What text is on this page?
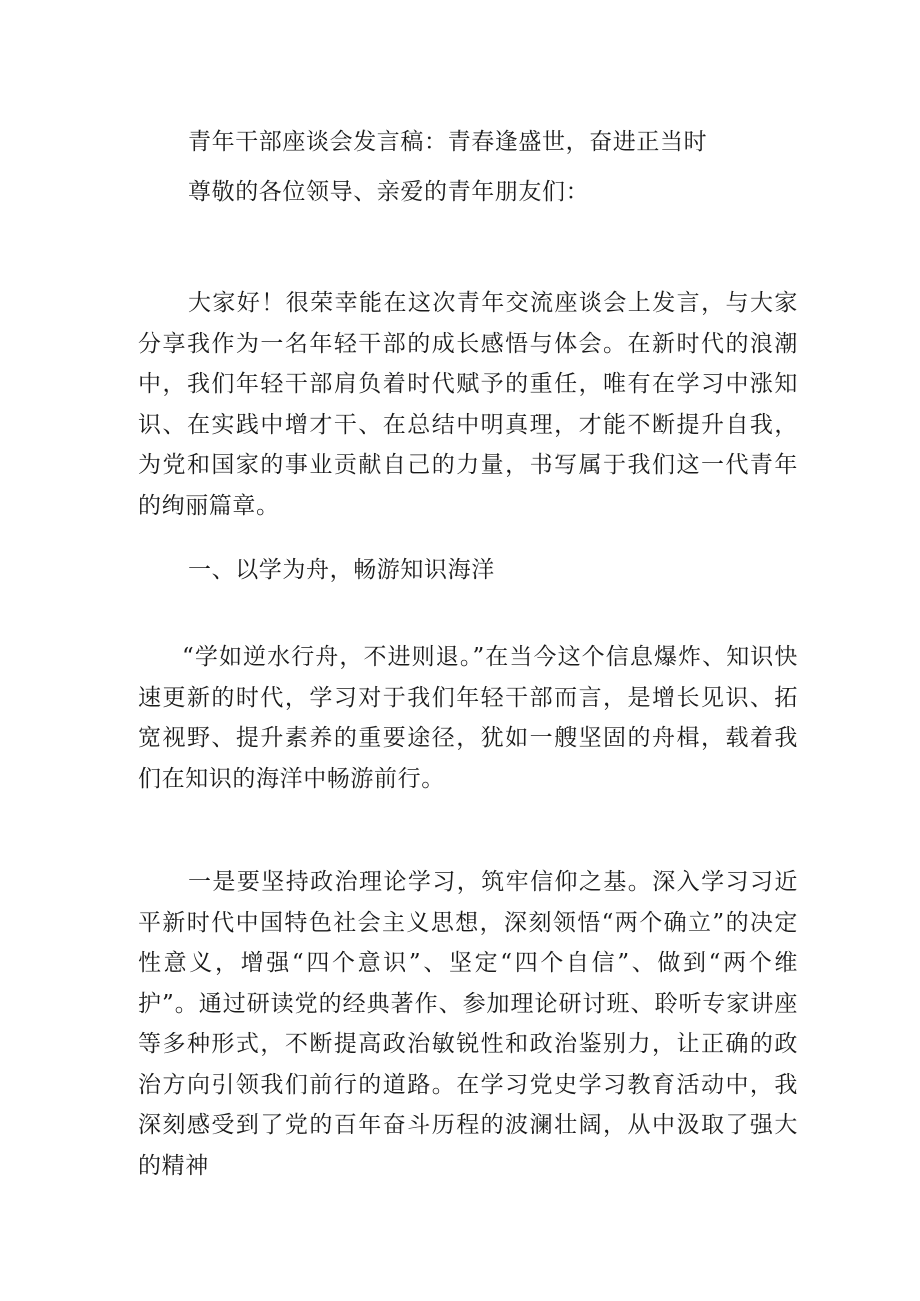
青年干部座谈会发言稿：青春逢盛世，奋进正当时
尊敬的各位领导、亲爱的青年朋友们：

大家好！很荣幸能在这次青年交流座谈会上发言，与大家分享我作为一名年轻干部的成长感悟与体会。在新时代的浪潮中，我们年轻干部肩负着时代赋予的重任，唯有在学习中涨知识、在实践中增才干、在总结中明真理，才能不断提升自我，为党和国家的事业贡献自己的力量，书写属于我们这一代青年的绚丽篇章。

一、以学为舟，畅游知识海洋

“学如逆水行舟，不进则退。”在当今这个信息爆炸、知识快速更新的时代，学习对于我们年轻干部而言，是增长见识、拓宽视野、提升素养的重要途径，犹如一艘坚固的舟楫，载着我们在知识的海洋中畅游前行。

一是要坚持政治理论学习，筑牢信仰之基。深入学习习近平新时代中国特色社会主义思想，深刻领悟“两个确立”的决定性意义，增强“四个意识”、坚定“四个自信”、做到“两个维护”。通过研读党的经典著作、参加理论研讨班、聆听专家讲座等多种形式，不断提高政治敏锐性和政治鉴别力，让正确的政治方向引领我们前行的道路。在学习党史学习教育活动中，我深刻感受到了党的百年奋斗历程的波澜壮阔，从中汲取了强大的精神
